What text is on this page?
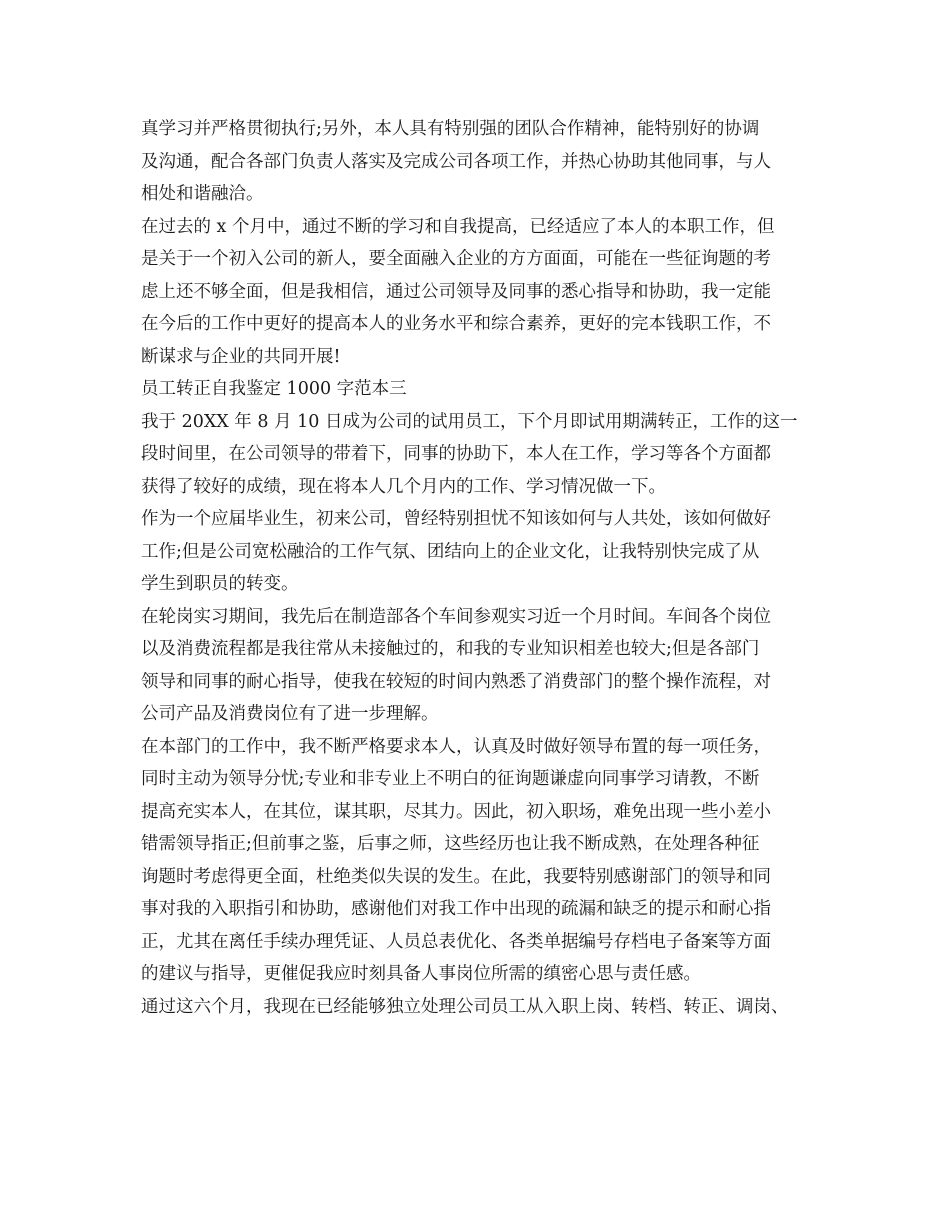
真学习并严格贯彻执行;另外，本人具有特别强的团队合作精神，能特别好的协调
及沟通，配合各部门负责人落实及完成公司各项工作，并热心协助其他同事，与人
相处和谐融洽。
在过去的 x 个月中，通过不断的学习和自我提高，已经适应了本人的本职工作，但
是关于一个初入公司的新人，要全面融入企业的方方面面，可能在一些征询题的考
虑上还不够全面，但是我相信，通过公司领导及同事的悉心指导和协助，我一定能
在今后的工作中更好的提高本人的业务水平和综合素养，更好的完本钱职工作，不
断谋求与企业的共同开展!
员工转正自我鉴定 1000 字范本三
我于 20XX 年 8 月 10 日成为公司的试用员工，下个月即试用期满转正，工作的这一
段时间里，在公司领导的带着下，同事的协助下，本人在工作，学习等各个方面都
获得了较好的成绩，现在将本人几个月内的工作、学习情况做一下。
作为一个应届毕业生，初来公司，曾经特别担忧不知该如何与人共处，该如何做好
工作;但是公司宽松融洽的工作气氛、团结向上的企业文化，让我特别快完成了从
学生到职员的转变。
在轮岗实习期间，我先后在制造部各个车间参观实习近一个月时间。车间各个岗位
以及消费流程都是我往常从未接触过的，和我的专业知识相差也较大;但是各部门
领导和同事的耐心指导，使我在较短的时间内熟悉了消费部门的整个操作流程，对
公司产品及消费岗位有了进一步理解。
在本部门的工作中，我不断严格要求本人，认真及时做好领导布置的每一项任务，
同时主动为领导分忧;专业和非专业上不明白的征询题谦虚向同事学习请教，不断
提高充实本人，在其位，谋其职，尽其力。因此，初入职场，难免出现一些小差小
错需领导指正;但前事之鉴，后事之师，这些经历也让我不断成熟，在处理各种征
询题时考虑得更全面，杜绝类似失误的发生。在此，我要特别感谢部门的领导和同
事对我的入职指引和协助，感谢他们对我工作中出现的疏漏和缺乏的提示和耐心指
正，尤其在离任手续办理凭证、人员总表优化、各类单据编号存档电子备案等方面
的建议与指导，更催促我应时刻具备人事岗位所需的缜密心思与责任感。
通过这六个月，我现在已经能够独立处理公司员工从入职上岗、转档、转正、调岗、
